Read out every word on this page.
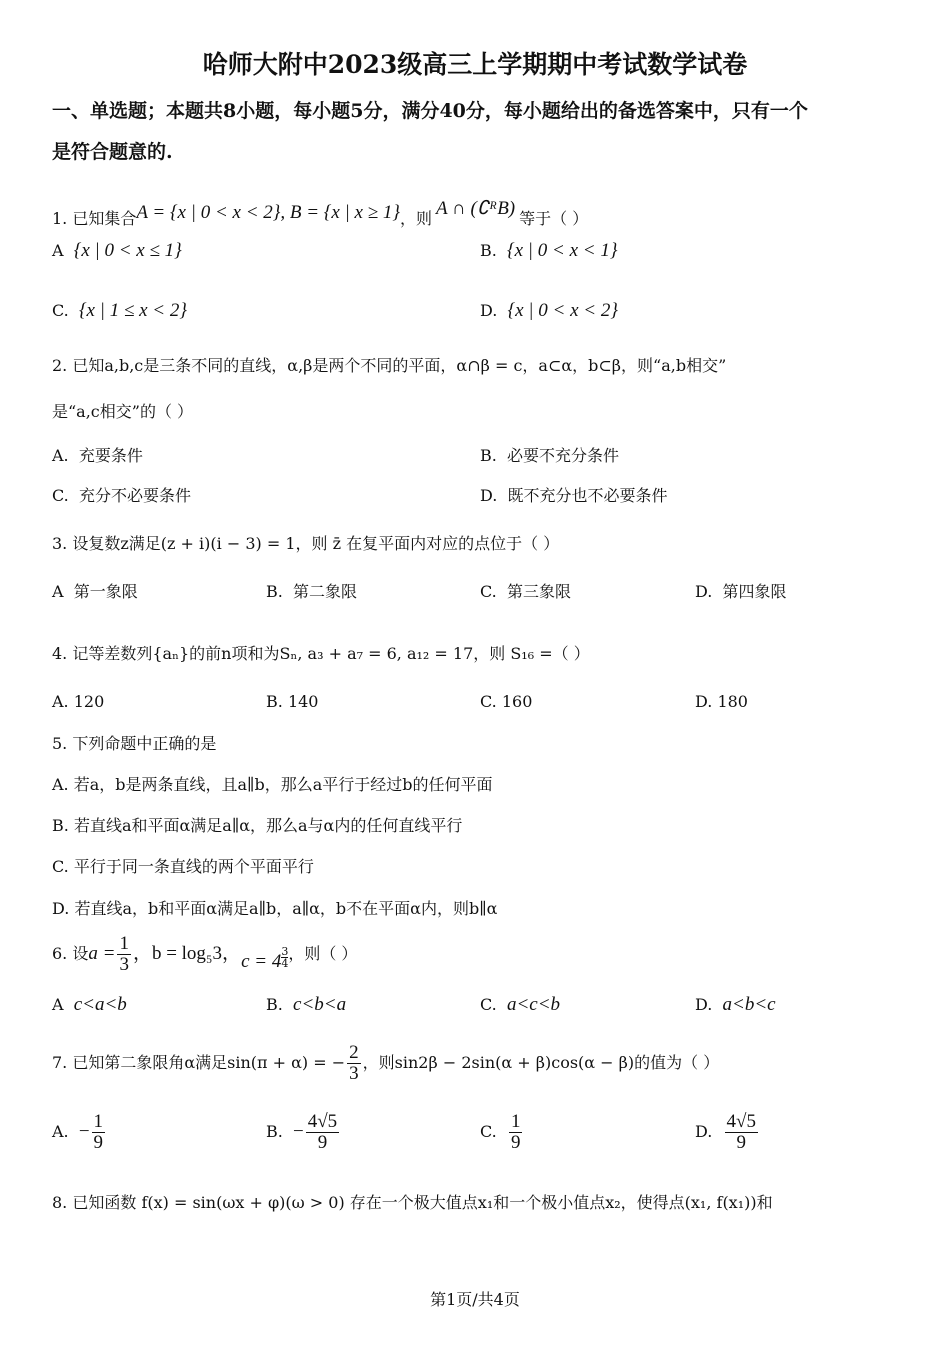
哈师大附中2023级高三上学期期中考试数学试卷
一、单选题；本题共8小题，每小题5分，满分40分，每小题给出的备选答案中，只有一个
是符合题意的.
1. 已知集合A = {x | 0 < x < 2}, B = {x | x ≥ 1}，则 A ∩ (∁ᴿB) 等于（ ）
A {x | 0 < x ≤ 1}	B. {x | 0 < x < 1}
C. {x | 1 ≤ x < 2}	D. {x | 0 < x < 2}
2. 已知a,b,c是三条不同的直线，α,β是两个不同的平面，α∩β = c，a⊂α，b⊂β，则“a,b相交”
是“a,c相交”的（ ）
A. 充要条件	B. 必要不充分条件
C. 充分不必要条件	D. 既不充分也不必要条件
3. 设复数z满足(z + i)(i − 3) = 1，则 z̄ 在复平面内对应的点位于（ ）
A 第一象限	B. 第二象限	C. 第三象限	D. 第四象限
4. 记等差数列{aₙ}的前n项和为Sₙ, a₃ + a₇ = 6, a₁₂ = 17，则 S₁₆ =（ ）
A. 120	B. 140	C. 160	D. 180
5. 下列命题中正确的是
A. 若a，b是两条直线，且a∥b，那么a平行于经过b的任何平面
B. 若直线a和平面α满足a∥α，那么a与α内的任何直线平行
C. 平行于同一条直线的两个平面平行
D. 若直线a，b和平面α满足a∥b，a∥α，b不在平面α内，则b∥α
6. 设$a = \frac{1}{3}$ ，b = log₅3，$c = 4 \frac{3}{4}$ ，则（ ）
A c<a<b	B. c<b<a	C. a<c<b	D. a<b<c
7. 已知第二象限角α满足sin(π + α) = − $\frac{2}{3}$ ，则sin2β − 2sin(α + β)cos(α − β)的值为（ ）
A. − $\frac{1}{9}$	B. − $\frac{4√5}{9}$	C. $\frac{1}{9}$	D. $\frac{4√5}{9}$
8. 已知函数 f(x) = sin(ωx + φ)(ω > 0) 存在一个极大值点x₁和一个极小值点x₂，使得点(x₁, f(x₁))和
第1页/共4页
